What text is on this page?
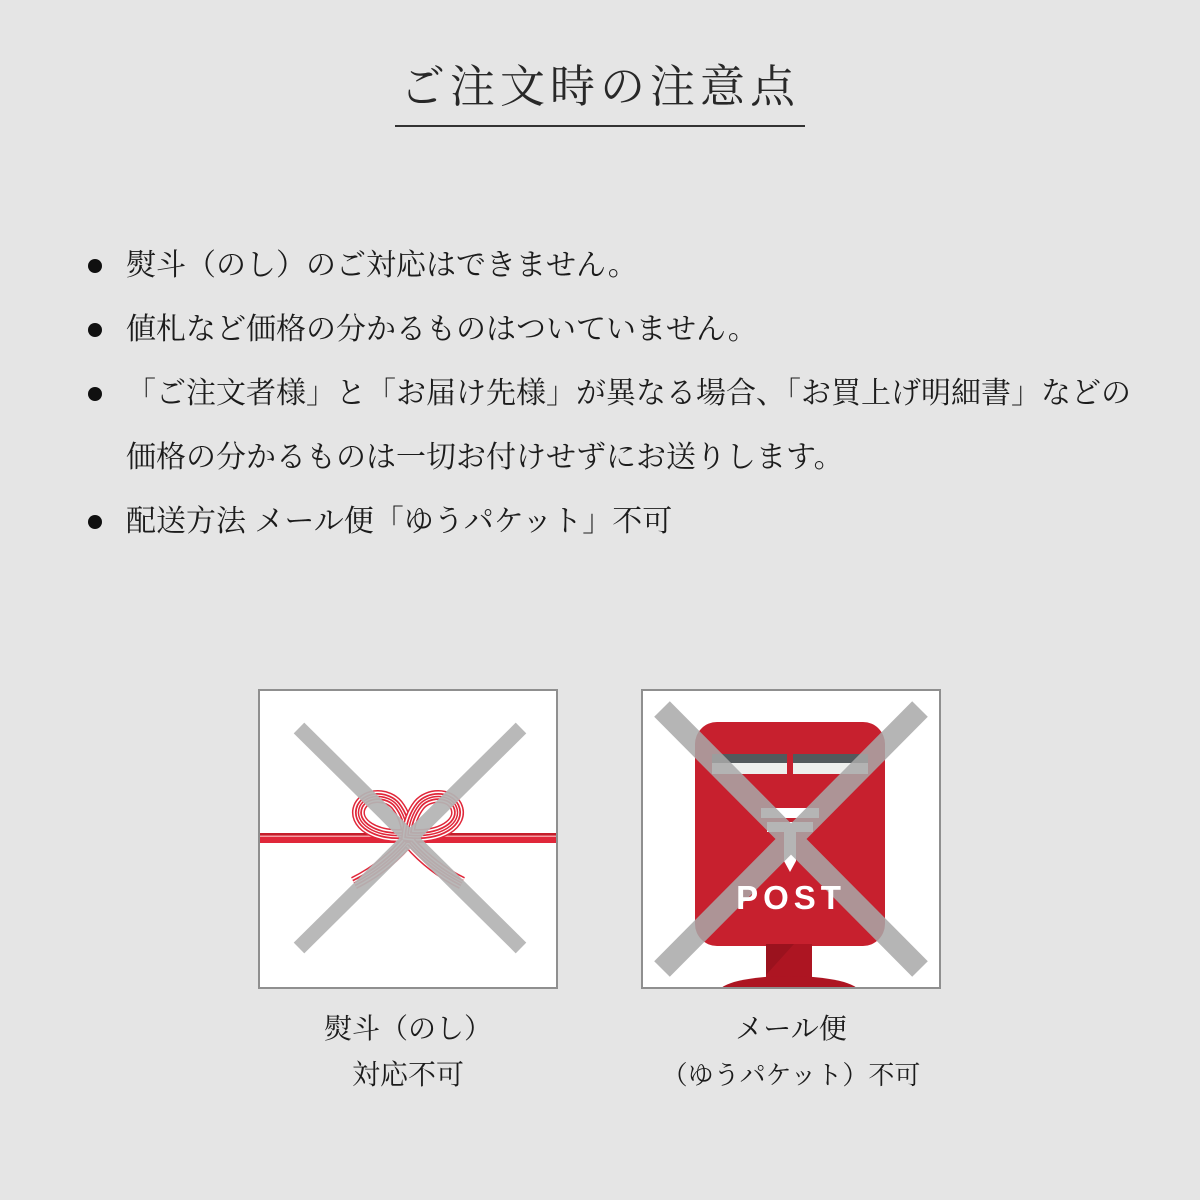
ご注文時の注意点
熨斗（のし）のご対応はできません。
値札など価格の分かるものはついていません。
「ご注文者様」と「お届け先様」が異なる場合、「お買上げ明細書」などの
価格の分かるものは一切お付けせずにお送りします。
配送方法 メール便「ゆうパケット」不可
熨斗（のし）
対応不可
POST
メール便
（ゆうパケット）不可
